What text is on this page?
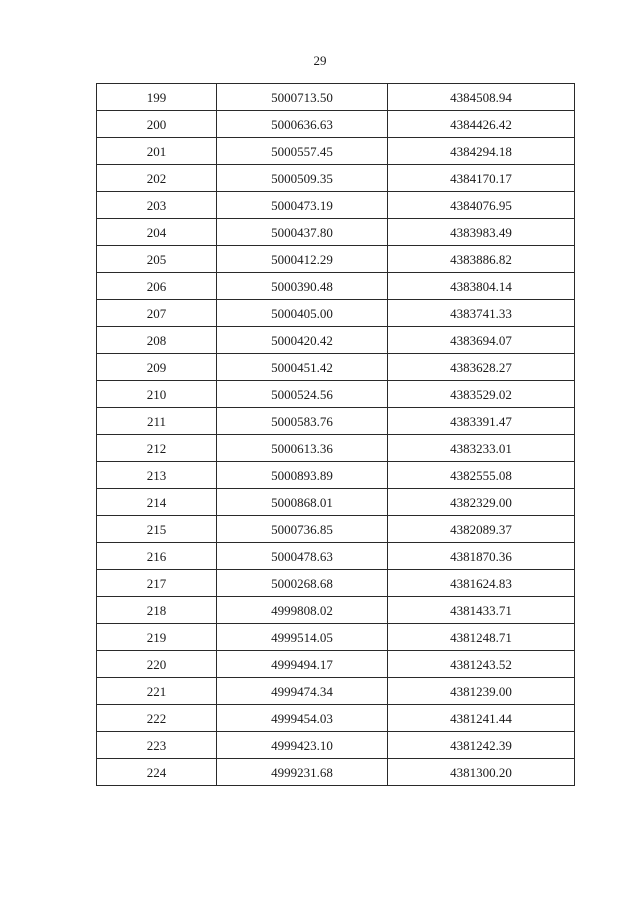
29
199	5000713.50	4384508.94
200	5000636.63	4384426.42
201	5000557.45	4384294.18
202	5000509.35	4384170.17
203	5000473.19	4384076.95
204	5000437.80	4383983.49
205	5000412.29	4383886.82
206	5000390.48	4383804.14
207	5000405.00	4383741.33
208	5000420.42	4383694.07
209	5000451.42	4383628.27
210	5000524.56	4383529.02
211	5000583.76	4383391.47
212	5000613.36	4383233.01
213	5000893.89	4382555.08
214	5000868.01	4382329.00
215	5000736.85	4382089.37
216	5000478.63	4381870.36
217	5000268.68	4381624.83
218	4999808.02	4381433.71
219	4999514.05	4381248.71
220	4999494.17	4381243.52
221	4999474.34	4381239.00
222	4999454.03	4381241.44
223	4999423.10	4381242.39
224	4999231.68	4381300.20
